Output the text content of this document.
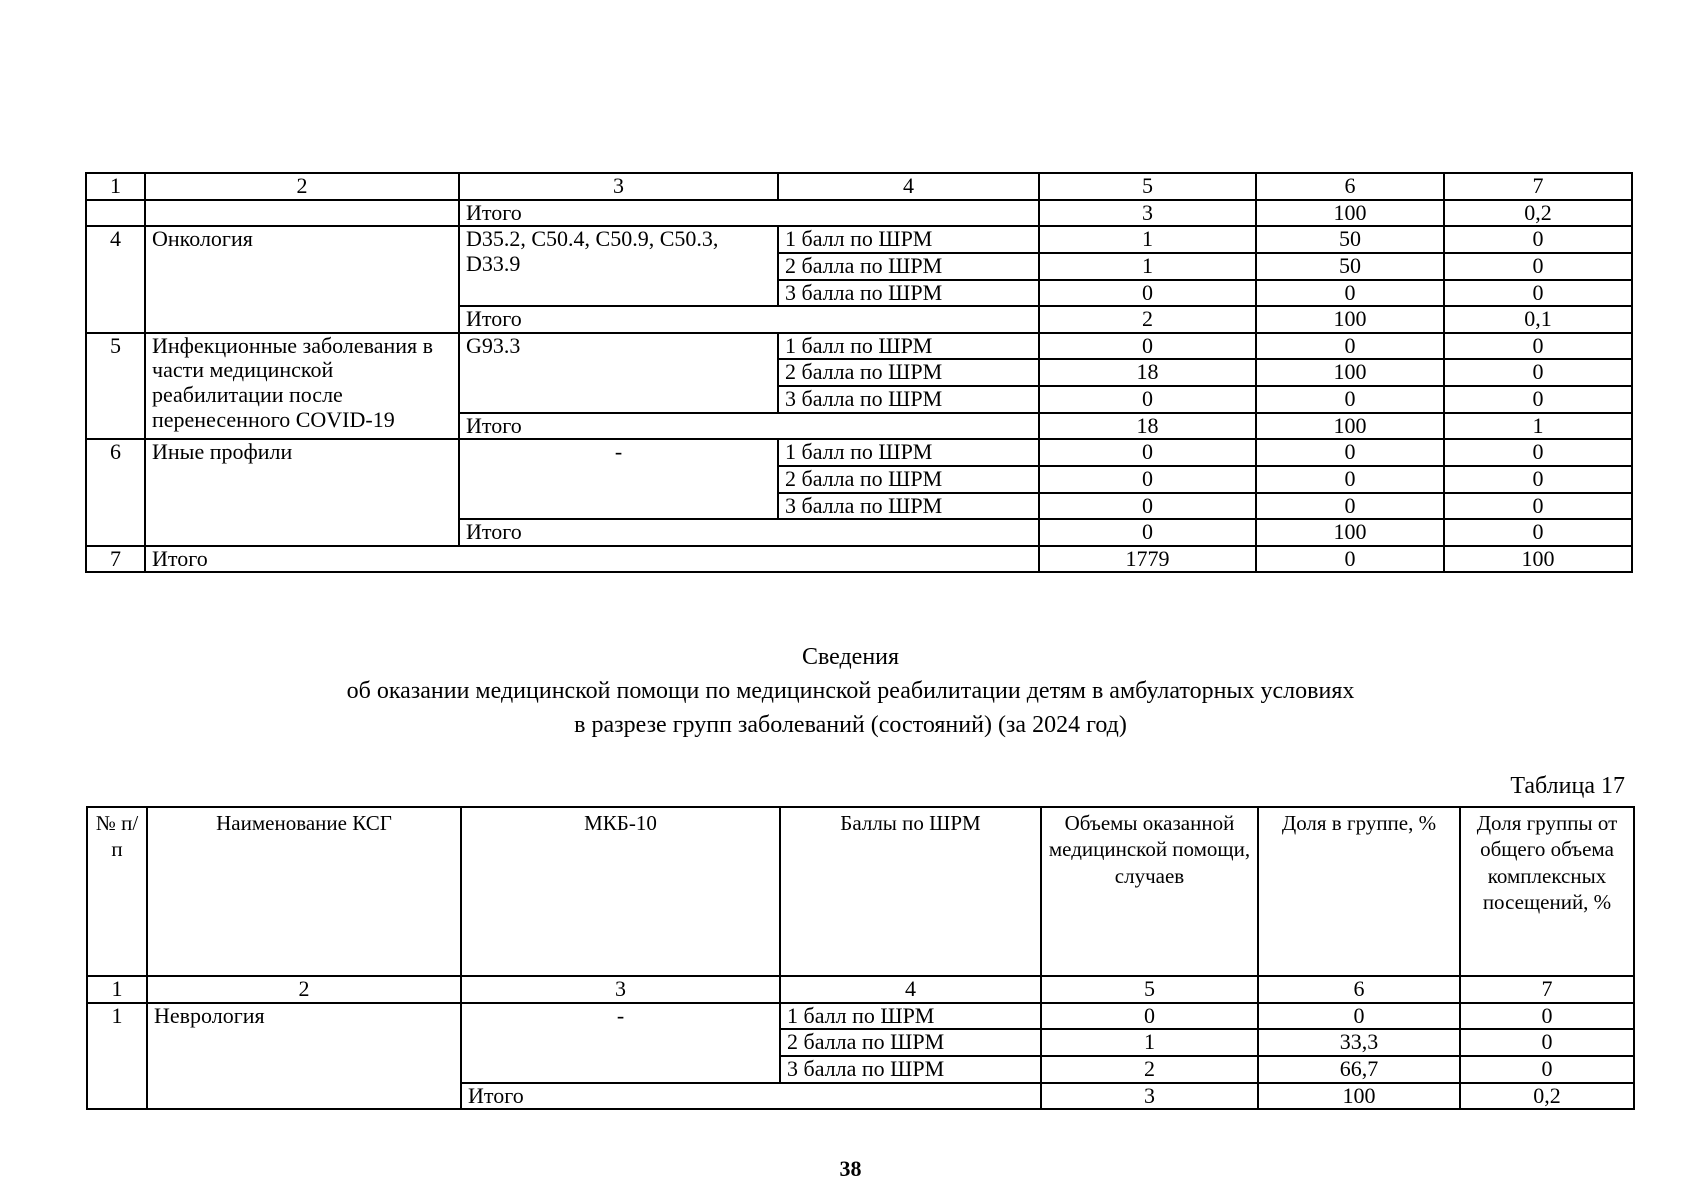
1	2	3	4	5	6	7
		Итого		3	100	0,2
4	Онкология	D35.2, C50.4, C50.9, C50.3, D33.9	1 балл по ШРМ	1	50	0
			2 балла по ШРМ	1	50	0
			3 балла по ШРМ	0	0	0
		Итого		2	100	0,1
5	Инфекционные заболевания в части медицинской реабилитации после перенесенного COVID-19	G93.3	1 балл по ШРМ	0	0	0
			2 балла по ШРМ	18	100	0
			3 балла по ШРМ	0	0	0
		Итого		18	100	1
6	Иные профили	-	1 балл по ШРМ	0	0	0
			2 балла по ШРМ	0	0	0
			3 балла по ШРМ	0	0	0
		Итого		0	100	0
7	Итого			1779	0	100
Сведения
об оказании медицинской помощи по медицинской реабилитации детям в амбулаторных условиях
в разрезе групп заболеваний (состояний) (за 2024 год)
Таблица 17
№ п/п	Наименование КСГ	МКБ-10	Баллы по ШРМ	Объемы оказанной медицинской помощи, случаев	Доля в группе, %	Доля группы от общего объема комплексных посещений, %
1	2	3	4	5	6	7
1	Неврология	-	1 балл по ШРМ	0	0	0
			2 балла по ШРМ	1	33,3	0
			3 балла по ШРМ	2	66,7	0
		Итого		3	100	0,2
38
